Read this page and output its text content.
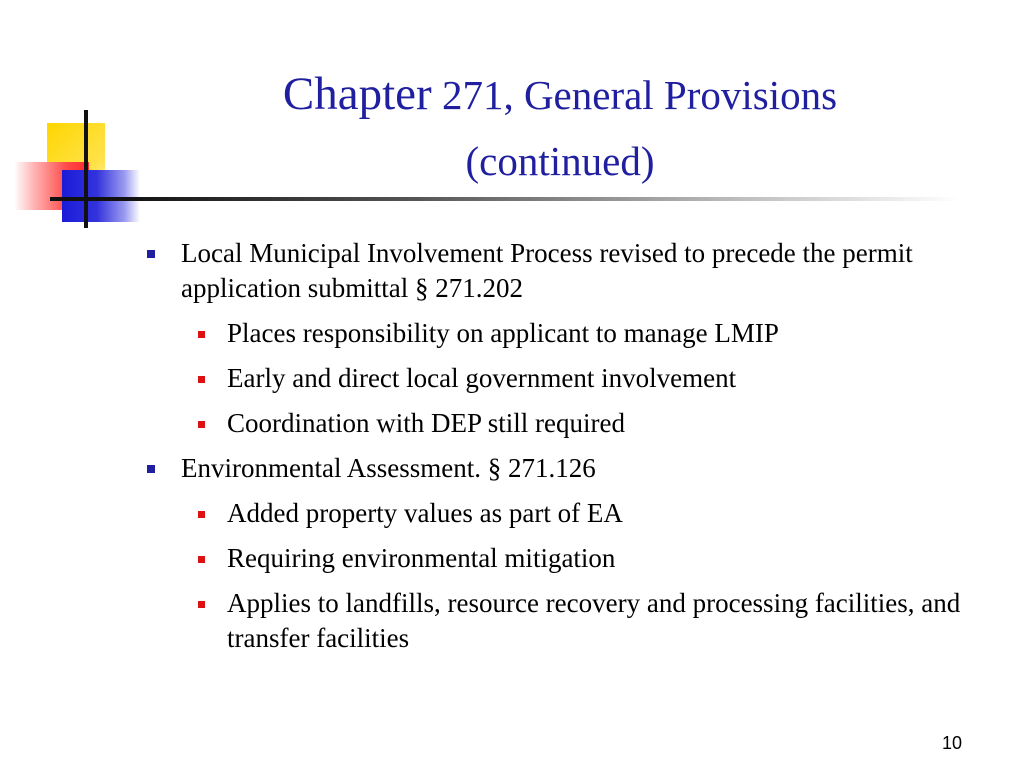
Chapter 271, General Provisions
(continued)
Local Municipal Involvement Process revised to precede the permit application submittal § 271.202
Places responsibility on applicant to manage LMIP
Early and direct local government involvement
Coordination with DEP still required
Environmental Assessment. § 271.126
Added property values as part of EA
Requiring environmental mitigation
Applies to landfills, resource recovery and processing facilities, and transfer facilities
10
